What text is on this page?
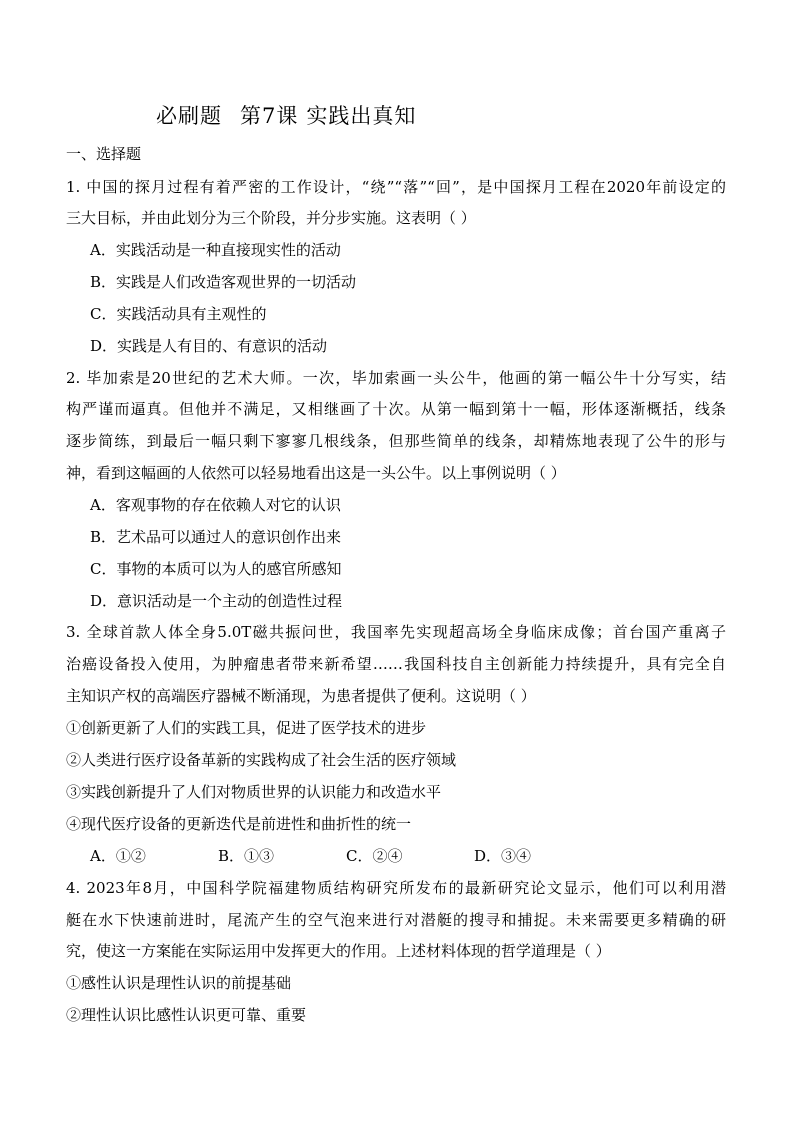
必刷题 第7课 实践出真知
一、选择题
1. 中国的探月过程有着严密的工作设计，“绕”“落”“回”，是中国探月工程在2020年前设定的
三大目标，并由此划分为三个阶段，并分步实施。这表明（ ）
A．实践活动是一种直接现实性的活动
B．实践是人们改造客观世界的一切活动
C．实践活动具有主观性的
D．实践是人有目的、有意识的活动
2. 毕加索是20世纪的艺术大师。一次，毕加索画一头公牛，他画的第一幅公牛十分写实，结
构严谨而逼真。但他并不满足，又相继画了十次。从第一幅到第十一幅，形体逐渐概括，线条
逐步简练，到最后一幅只剩下寥寥几根线条，但那些简单的线条，却精炼地表现了公牛的形与
神，看到这幅画的人依然可以轻易地看出这是一头公牛。以上事例说明（ ）
A．客观事物的存在依赖人对它的认识
B．艺术品可以通过人的意识创作出来
C．事物的本质可以为人的感官所感知
D．意识活动是一个主动的创造性过程
3. 全球首款人体全身5.0T磁共振问世，我国率先实现超高场全身临床成像；首台国产重离子
治癌设备投入使用，为肿瘤患者带来新希望……我国科技自主创新能力持续提升，具有完全自
主知识产权的高端医疗器械不断涌现，为患者提供了便利。这说明（ ）
①创新更新了人们的实践工具，促进了医学技术的进步
②人类进行医疗设备革新的实践构成了社会生活的医疗领域
③实践创新提升了人们对物质世界的认识能力和改造水平
④现代医疗设备的更新迭代是前进性和曲折性的统一
A．①②	B．①③	C．②④	D．③④
4. 2023年8月，中国科学院福建物质结构研究所发布的最新研究论文显示，他们可以利用潜
艇在水下快速前进时，尾流产生的空气泡来进行对潜艇的搜寻和捕捉。未来需要更多精确的研
究，使这一方案能在实际运用中发挥更大的作用。上述材料体现的哲学道理是（ ）
①感性认识是理性认识的前提基础
②理性认识比感性认识更可靠、重要
